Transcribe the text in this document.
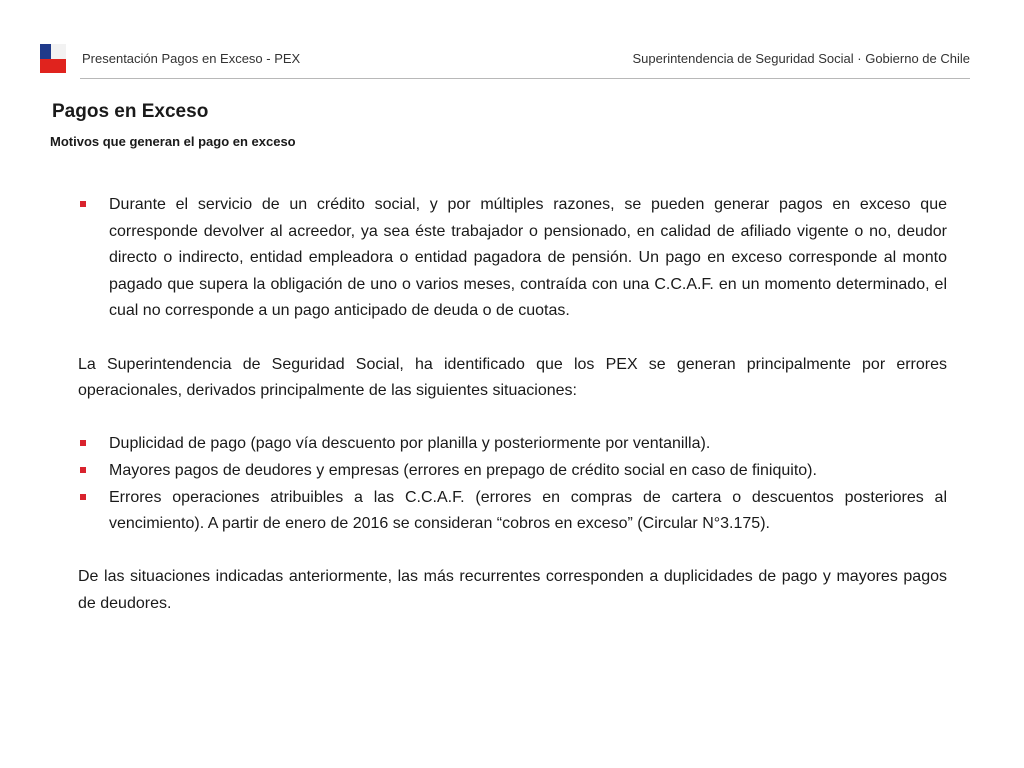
Presentación Pagos en Exceso - PEX	Superintendencia de Seguridad Social · Gobierno de Chile
Pagos en Exceso
Motivos que generan el pago en exceso
Durante el servicio de un crédito social, y por múltiples razones, se pueden generar pagos en exceso que corresponde devolver al acreedor, ya sea éste trabajador o pensionado, en calidad de afiliado vigente o no, deudor directo o indirecto, entidad empleadora o entidad pagadora de pensión. Un pago en exceso corresponde al monto pagado que supera la obligación de uno o varios meses, contraída con una C.C.A.F. en un momento determinado, el cual no corresponde a un pago anticipado de deuda o de cuotas.

La Superintendencia de Seguridad Social, ha identificado que los PEX se generan principalmente por errores operacionales, derivados principalmente de las siguientes situaciones:

Duplicidad de pago (pago vía descuento por planilla y posteriormente por ventanilla).
Mayores pagos de deudores y empresas (errores en prepago de crédito social en caso de finiquito).
Errores operaciones atribuibles a las C.C.A.F. (errores en compras de cartera o descuentos posteriores al vencimiento). A partir de enero de 2016 se consideran “cobros en exceso” (Circular N°3.175).

De las situaciones indicadas anteriormente, las más recurrentes corresponden a duplicidades de pago y mayores pagos de deudores.
